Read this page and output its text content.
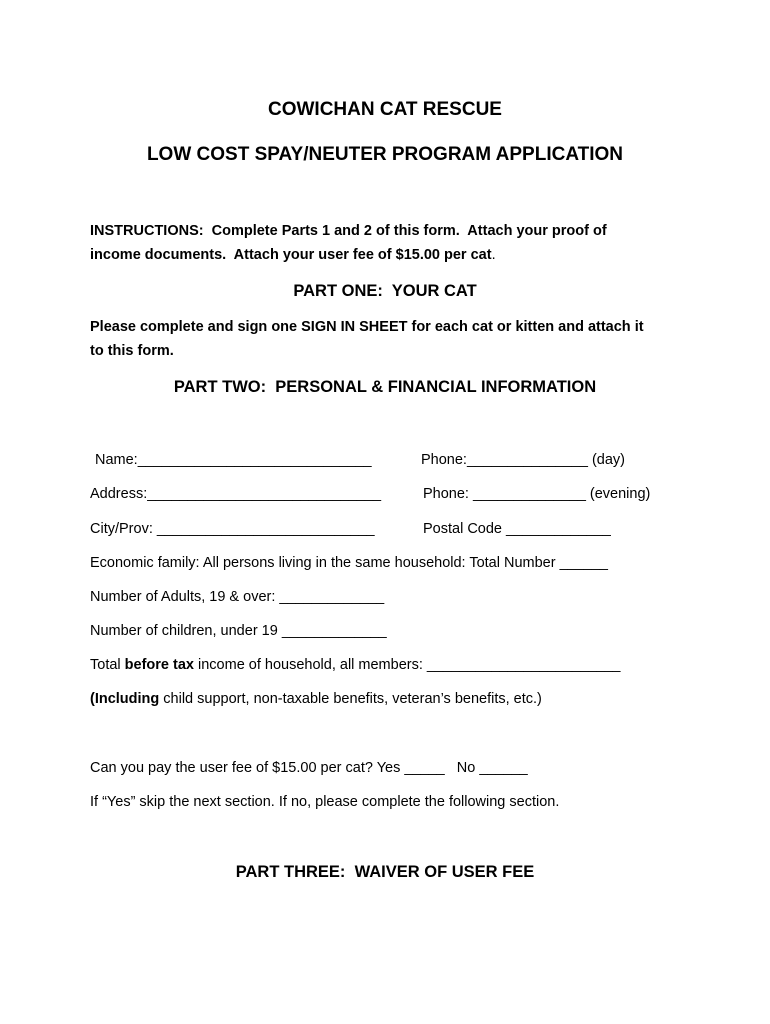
COWICHAN CAT RESCUE
LOW COST SPAY/NEUTER PROGRAM APPLICATION
INSTRUCTIONS:  Complete Parts 1 and 2 of this form.  Attach your proof of
income documents.  Attach your user fee of $15.00 per cat.
PART ONE:  YOUR CAT
Please complete and sign one SIGN IN SHEET for each cat or kitten and attach it
to this form.
PART TWO:  PERSONAL & FINANCIAL INFORMATION
Name:_____________________________	Phone:_______________ (day)
Address:_____________________________	Phone: ______________ (evening)
City/Prov: ___________________________	Postal Code _____________
Economic family: All persons living in the same household: Total Number ______
Number of Adults, 19 & over: _____________
Number of children, under 19 _____________
Total before tax income of household, all members: ________________________
(Including child support, non-taxable benefits, veteran’s benefits, etc.)
Can you pay the user fee of $15.00 per cat? Yes _____   No ______
If “Yes” skip the next section. If no, please complete the following section.
PART THREE:  WAIVER OF USER FEE
